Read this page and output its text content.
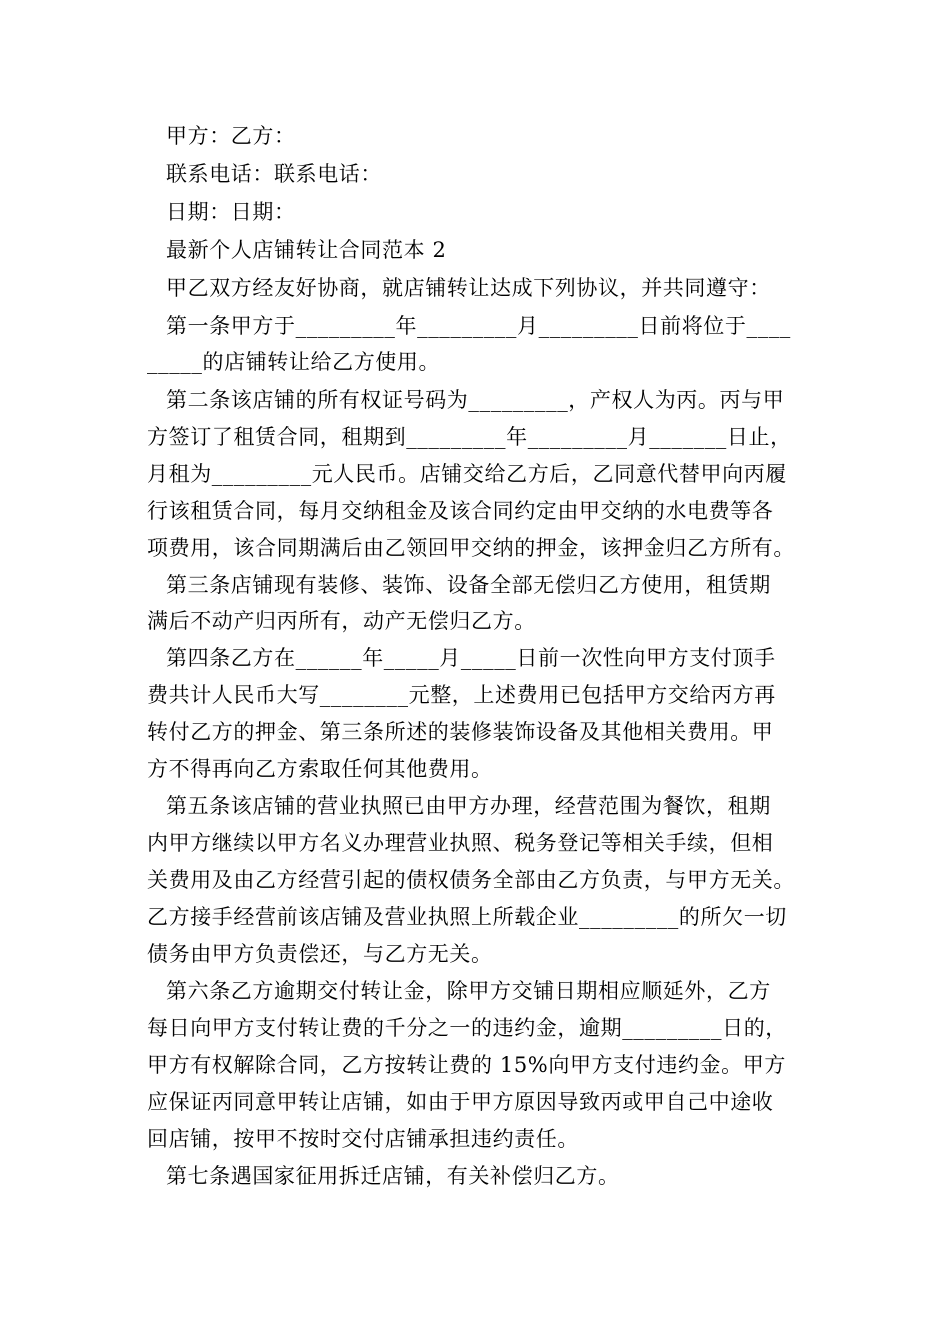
甲方：乙方：
联系电话：联系电话：
日期：日期：
最新个人店铺转让合同范本 2
甲乙双方经友好协商，就店铺转让达成下列协议，并共同遵守：
第一条甲方于_________年_________月_________日前将位于____
_____的店铺转让给乙方使用。
第二条该店铺的所有权证号码为_________，产权人为丙。丙与甲
方签订了租赁合同，租期到_________年_________月_______日止，
月租为_________元人民币。店铺交给乙方后，乙同意代替甲向丙履
行该租赁合同，每月交纳租金及该合同约定由甲交纳的水电费等各
项费用，该合同期满后由乙领回甲交纳的押金，该押金归乙方所有。
第三条店铺现有装修、装饰、设备全部无偿归乙方使用，租赁期
满后不动产归丙所有，动产无偿归乙方。
第四条乙方在______年_____月_____日前一次性向甲方支付顶手
费共计人民币大写________元整，上述费用已包括甲方交给丙方再
转付乙方的押金、第三条所述的装修装饰设备及其他相关费用。甲
方不得再向乙方索取任何其他费用。
第五条该店铺的营业执照已由甲方办理，经营范围为餐饮，租期
内甲方继续以甲方名义办理营业执照、税务登记等相关手续，但相
关费用及由乙方经营引起的债权债务全部由乙方负责，与甲方无关。
乙方接手经营前该店铺及营业执照上所载企业_________的所欠一切
债务由甲方负责偿还，与乙方无关。
第六条乙方逾期交付转让金，除甲方交铺日期相应顺延外，乙方
每日向甲方支付转让费的千分之一的违约金，逾期_________日的，
甲方有权解除合同，乙方按转让费的 15%向甲方支付违约金。甲方
应保证丙同意甲转让店铺，如由于甲方原因导致丙或甲自己中途收
回店铺，按甲不按时交付店铺承担违约责任。
第七条遇国家征用拆迁店铺，有关补偿归乙方。
